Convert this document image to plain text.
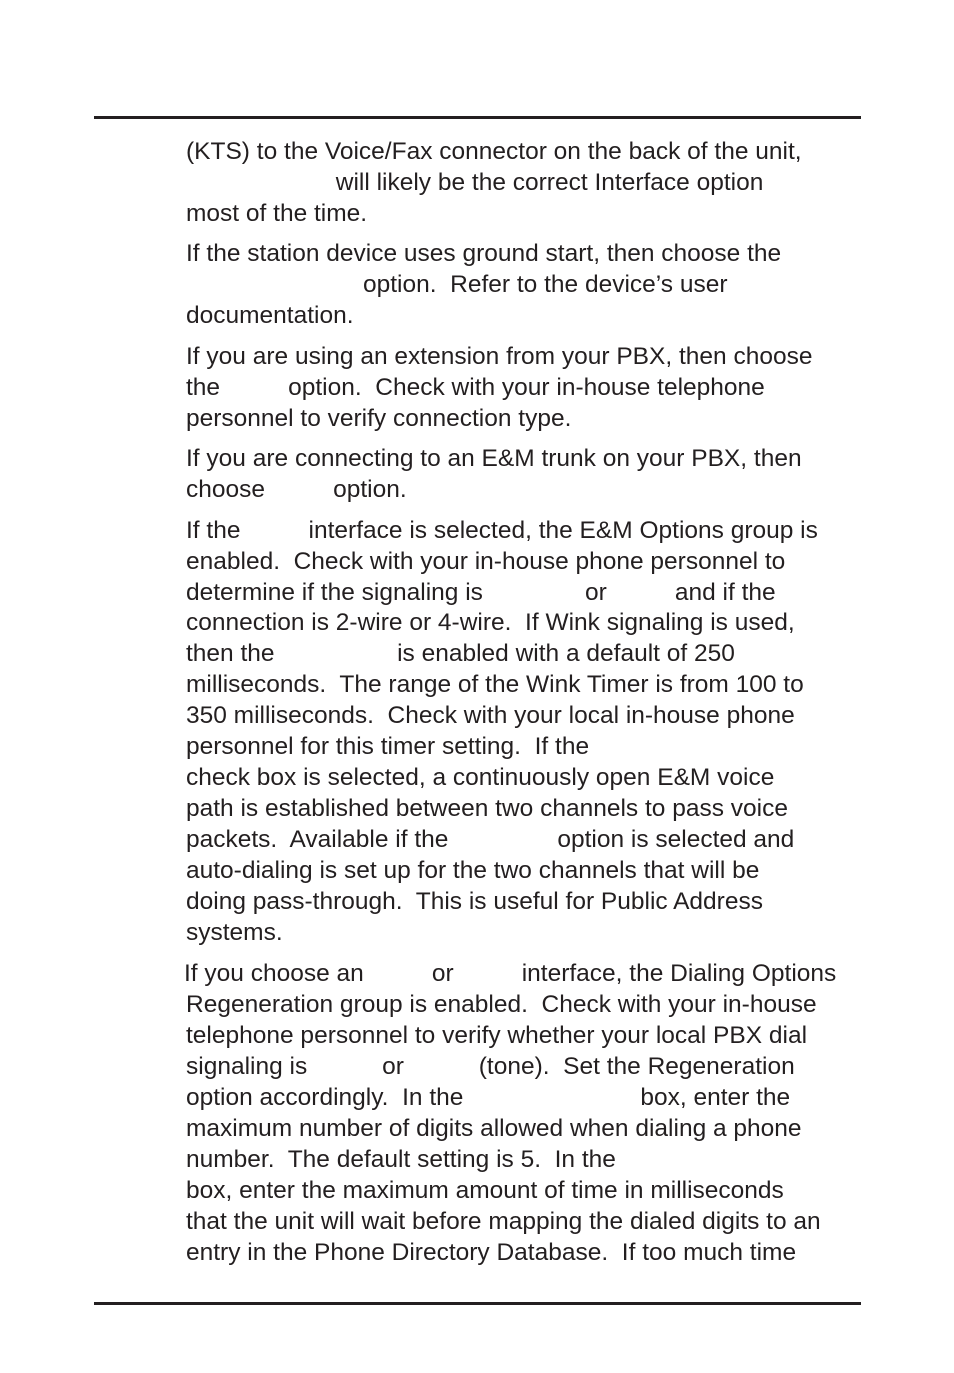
(KTS) to the Voice/Fax connector on the back of the unit,
will likely be the correct Interface option
most of the time.
If the station device uses ground start, then choose the
option.  Refer to the device’s user
documentation.
If you are using an extension from your PBX, then choose
the          option.  Check with your in-house telephone
personnel to verify connection type.
If you are connecting to an E&M trunk on your PBX, then
choose          option.
If the          interface is selected, the E&M Options group is
enabled.  Check with your in-house phone personnel to
determine if the signaling is               or          and if the
connection is 2-wire or 4-wire.  If Wink signaling is used,
then the                  is enabled with a default of 250
milliseconds.  The range of the Wink Timer is from 100 to
350 milliseconds.  Check with your local in-house phone
personnel for this timer setting.  If the
check box is selected, a continuously open E&M voice
path is established between two channels to pass voice
packets.  Available if the                option is selected and
auto-dialing is set up for the two channels that will be
doing pass-through.  This is useful for Public Address
systems.
If you choose an          or          interface, the Dialing Options
Regeneration group is enabled.  Check with your in-house
telephone personnel to verify whether your local PBX dial
signaling is           or           (tone).  Set the Regeneration
option accordingly.  In the                          box, enter the
maximum number of digits allowed when dialing a phone
number.  The default setting is 5.  In the
box, enter the maximum amount of time in milliseconds
that the unit will wait before mapping the dialed digits to an
entry in the Phone Directory Database.  If too much time
